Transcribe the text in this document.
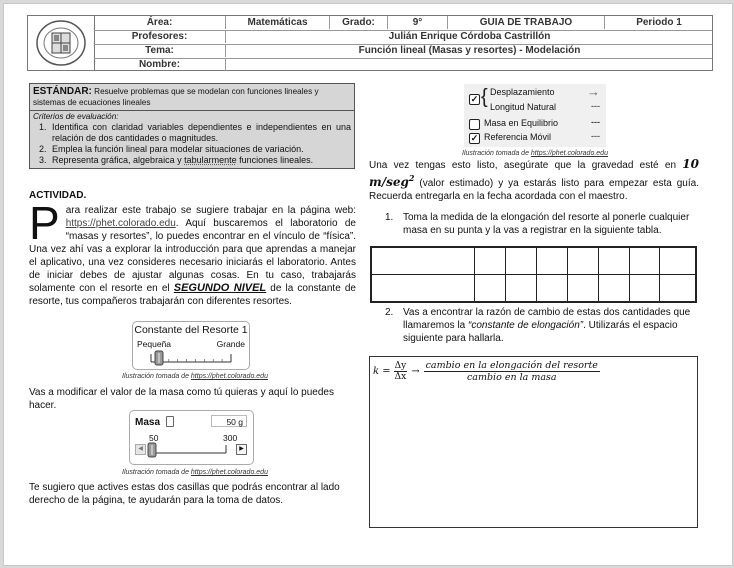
Área:	Matemáticas	Grado:	9°	GUIA DE TRABAJO	Periodo 1
Profesores:	Julián Enrique Córdoba Castrillón
Tema:	Función lineal (Masas y resortes) - Modelación
Nombre:
ESTÁNDAR: Resuelve problemas que se modelan con funciones lineales y sistemas de ecuaciones lineales
Criterios de evaluación:
1. Identifica con claridad variables dependientes e independientes en una relación de dos cantidades o magnitudes.
2. Emplea la función lineal para modelar situaciones de variación.
3. Representa gráfica, algebraica y tabularmente funciones lineales.
ACTIVIDAD.
Para realizar este trabajo se sugiere trabajar en la página web: https://phet.colorado.edu. Aquí buscaremos el laboratorio de “masas y resortes”, lo puedes encontrar en el vínculo de “física”. Una vez ahí vas a explorar la introducción para que aprendas a manejar el aplicativo, una vez consideres necesario iniciarás el laboratorio. Antes de iniciar debes de ajustar algunas cosas. En tu caso, trabajarás solamente con el resorte en el SEGUNDO NIVEL de la constante de resorte, tus compañeros trabajarán con diferentes resortes.
Constante del Resorte 1
Pequeña	Grande
Ilustración tomada de https://phet.colorado.edu
Vas a modificar el valor de la masa como tú quieras y aquí lo puedes hacer.
Masa	50 g
50	300
◀	▶
Ilustración tomada de https://phet.colorado.edu
Te sugiero que actives estas dos casillas que podrás encontrar al lado derecho de la página, te ayudarán para la toma de datos.
✓ { Desplazamiento →
Longitud Natural	---
Masa en Equilibrio	---
✓ Referencia Móvil	---
Ilustración tomada de https://phet.colorado.edu
Una vez tengas esto listo, asegúrate que la gravedad esté en 10 m/seg$^2$ (valor estimado) y ya estarás listo para empezar esta guía. Recuerda entregarla en la fecha acordada con el maestro.
1. Toma la medida de la elongación del resorte al ponerle cualquier masa en su punta y la vas a registrar en la siguiente tabla.

2. Vas a encontrar la razón de cambio de estas dos cantidades que llamaremos la “constante de elongación”. Utilizarás el espacio siguiente para hallarla.
$k = \frac{\Delta y}{\Delta x}$ →
cambio en la elongación del resorte
cambio en la masa
